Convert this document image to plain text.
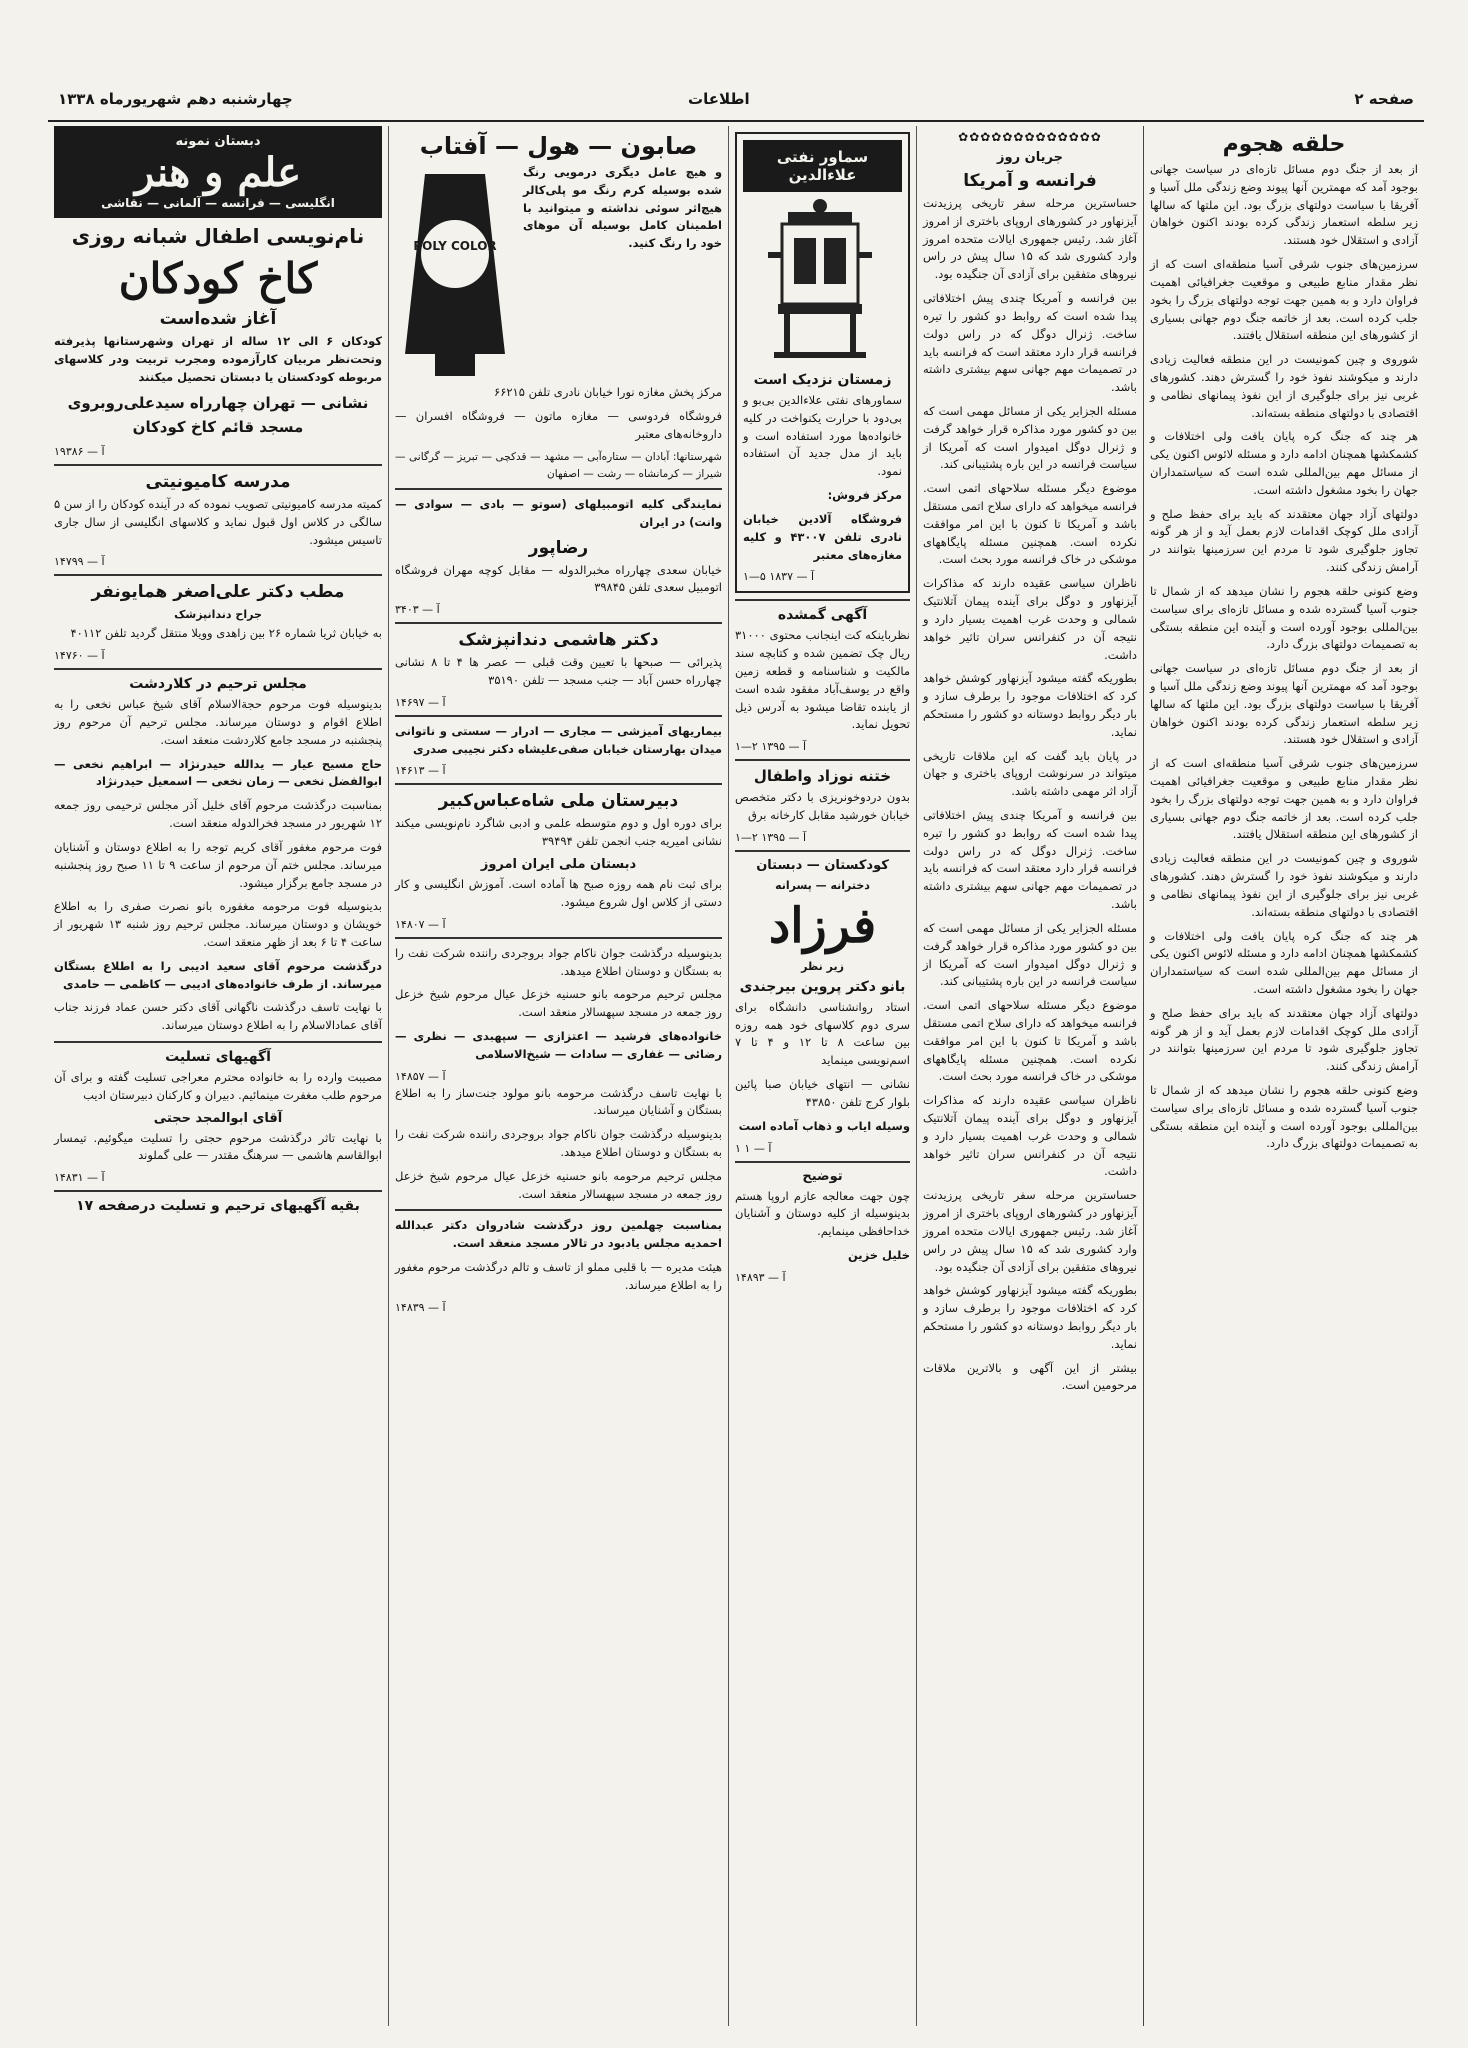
چهارشنبه دهم شهریورماه ۱۳۳۸	اطلاعات	صفحه ۲
حلقه هجوم

از بعد از جنگ دوم مسائل تازه‌ای در سیاست جهانی بوجود آمد که مهمترین آنها پیوند وضع زندگی ملل آسیا و آفریقا با سیاست دولتهای بزرگ بود. این ملتها که سالها زیر سلطه استعمار زندگی کرده بودند اکنون خواهان آزادی و استقلال خود هستند.

سرزمین‌های جنوب شرقی آسیا منطقه‌ای است که از نظر مقدار منابع طبیعی و موقعیت جغرافیائی اهمیت فراوان دارد و به همین جهت توجه دولتهای بزرگ را بخود جلب کرده است. بعد از خاتمه جنگ دوم جهانی بسیاری از کشورهای این منطقه استقلال یافتند.

شوروی و چین کمونیست در این منطقه فعالیت زیادی دارند و میکوشند نفوذ خود را گسترش دهند. کشورهای غربی نیز برای جلوگیری از این نفوذ پیمانهای نظامی و اقتصادی با دولتهای منطقه بسته‌اند.

هر چند که جنگ کره پایان یافت ولی اختلافات و کشمکشها همچنان ادامه دارد و مسئله لائوس اکنون یکی از مسائل مهم بین‌المللی شده است که سیاستمداران جهان را بخود مشغول داشته است.

دولتهای آزاد جهان معتقدند که باید برای حفظ صلح و آزادی ملل کوچک اقدامات لازم بعمل آید و از هر گونه تجاوز جلوگیری شود تا مردم این سرزمینها بتوانند در آرامش زندگی کنند.

وضع کنونی حلقه هجوم را نشان میدهد که از شمال تا جنوب آسیا گسترده شده و مسائل تازه‌ای برای سیاست بین‌المللی بوجود آورده است و آینده این منطقه بستگی به تصمیمات دولتهای بزرگ دارد.

از بعد از جنگ دوم مسائل تازه‌ای در سیاست جهانی بوجود آمد که مهمترین آنها پیوند وضع زندگی ملل آسیا و آفریقا با سیاست دولتهای بزرگ بود. این ملتها که سالها زیر سلطه استعمار زندگی کرده بودند اکنون خواهان آزادی و استقلال خود هستند.

سرزمین‌های جنوب شرقی آسیا منطقه‌ای است که از نظر مقدار منابع طبیعی و موقعیت جغرافیائی اهمیت فراوان دارد و به همین جهت توجه دولتهای بزرگ را بخود جلب کرده است. بعد از خاتمه جنگ دوم جهانی بسیاری از کشورهای این منطقه استقلال یافتند.

شوروی و چین کمونیست در این منطقه فعالیت زیادی دارند و میکوشند نفوذ خود را گسترش دهند. کشورهای غربی نیز برای جلوگیری از این نفوذ پیمانهای نظامی و اقتصادی با دولتهای منطقه بسته‌اند.

هر چند که جنگ کره پایان یافت ولی اختلافات و کشمکشها همچنان ادامه دارد و مسئله لائوس اکنون یکی از مسائل مهم بین‌المللی شده است که سیاستمداران جهان را بخود مشغول داشته است.

دولتهای آزاد جهان معتقدند که باید برای حفظ صلح و آزادی ملل کوچک اقدامات لازم بعمل آید و از هر گونه تجاوز جلوگیری شود تا مردم این سرزمینها بتوانند در آرامش زندگی کنند.

وضع کنونی حلقه هجوم را نشان میدهد که از شمال تا جنوب آسیا گسترده شده و مسائل تازه‌ای برای سیاست بین‌المللی بوجود آورده است و آینده این منطقه بستگی به تصمیمات دولتهای بزرگ دارد.

✿✿✿✿✿✿✿✿✿✿✿✿✿
جریان روز
فرانسه و آمریکا

حساسترین مرحله سفر تاریخی پرزیدنت آیزنهاور در کشورهای اروپای باختری از امروز آغاز شد. رئیس جمهوری ایالات متحده امروز وارد کشوری شد که ۱۵ سال پیش در راس نیروهای متفقین برای آزادی آن جنگیده بود.

بین فرانسه و آمریکا چندی پیش اختلافاتی پیدا شده است که روابط دو کشور را تیره ساخت. ژنرال دوگل که در راس دولت فرانسه قرار دارد معتقد است که فرانسه باید در تصمیمات مهم جهانی سهم بیشتری داشته باشد.

مسئله الجزایر یکی از مسائل مهمی است که بین دو کشور مورد مذاکره قرار خواهد گرفت و ژنرال دوگل امیدوار است که آمریکا از سیاست فرانسه در این باره پشتیبانی کند.

موضوع دیگر مسئله سلاحهای اتمی است. فرانسه میخواهد که دارای سلاح اتمی مستقل باشد و آمریکا تا کنون با این امر موافقت نکرده است. همچنین مسئله پایگاههای موشکی در خاک فرانسه مورد بحث است.

ناظران سیاسی عقیده دارند که مذاکرات آیزنهاور و دوگل برای آینده پیمان آتلانتیک شمالی و وحدت غرب اهمیت بسیار دارد و نتیجه آن در کنفرانس سران تاثیر خواهد داشت.

بطوریکه گفته میشود آیزنهاور کوشش خواهد کرد که اختلافات موجود را برطرف سازد و بار دیگر روابط دوستانه دو کشور را مستحکم نماید.

در پایان باید گفت که این ملاقات تاریخی میتواند در سرنوشت اروپای باختری و جهان آزاد اثر مهمی داشته باشد.

بین فرانسه و آمریکا چندی پیش اختلافاتی پیدا شده است که روابط دو کشور را تیره ساخت. ژنرال دوگل که در راس دولت فرانسه قرار دارد معتقد است که فرانسه باید در تصمیمات مهم جهانی سهم بیشتری داشته باشد.

مسئله الجزایر یکی از مسائل مهمی است که بین دو کشور مورد مذاکره قرار خواهد گرفت و ژنرال دوگل امیدوار است که آمریکا از سیاست فرانسه در این باره پشتیبانی کند.

موضوع دیگر مسئله سلاحهای اتمی است. فرانسه میخواهد که دارای سلاح اتمی مستقل باشد و آمریکا تا کنون با این امر موافقت نکرده است. همچنین مسئله پایگاههای موشکی در خاک فرانسه مورد بحث است.

ناظران سیاسی عقیده دارند که مذاکرات آیزنهاور و دوگل برای آینده پیمان آتلانتیک شمالی و وحدت غرب اهمیت بسیار دارد و نتیجه آن در کنفرانس سران تاثیر خواهد داشت.

حساسترین مرحله سفر تاریخی پرزیدنت آیزنهاور در کشورهای اروپای باختری از امروز آغاز شد. رئیس جمهوری ایالات متحده امروز وارد کشوری شد که ۱۵ سال پیش در راس نیروهای متفقین برای آزادی آن جنگیده بود.

بطوریکه گفته میشود آیزنهاور کوشش خواهد کرد که اختلافات موجود را برطرف سازد و بار دیگر روابط دوستانه دو کشور را مستحکم نماید.

بیشتر از این آگهی و بالاترین ملاقات مرحومین است.

سماور نفتی علاءالدین
زمستان نزدیک است

سماورهای نفتی علاءالدین بی‌بو و بی‌دود با حرارت یکنواخت در کلیه خانواده‌ها مورد استفاده است و باید از مدل جدید آن استفاده نمود.

مرکز فروش:

فروشگاه آلادین خیابان نادری تلفن ۴۳۰۰۷ و کلیه مغازه‌های معتبر

آ — ۱۸۳۷ ۵—۱
آگهی گمشده

نظرباینکه کت اینجانب محتوی ۳۱۰۰۰ ریال چک تضمین شده و کتابچه سند مالکیت و شناسنامه و قطعه زمین واقع در یوسف‌آباد مفقود شده است از یابنده تقاضا میشود به آدرس ذیل تحویل نماید.

آ — ۱۳۹۵ ۲—۱
ختنه نوزاد واطفال

بدون دردوخونریزی با دکتر متخصص خیابان خورشید مقابل کارخانه برق

آ — ۱۳۹۵ ۲—۱
کودکستان — دبستان
دخترانه — پسرانه
فرزاد
زیر نظر
بانو دکتر پروین بیرجندی

استاد روانشناسی دانشگاه برای سری دوم کلاسهای خود همه روزه بین ساعت ۸ تا ۱۲ و ۴ تا ۷ اسم‌نویسی مینماید

نشانی — انتهای خیابان صبا پائین بلوار کرج تلفن ۴۳۸۵۰

وسیله ایاب و ذهاب آماده است

آ — ۱ ۱
توضیح

چون جهت معالجه عازم اروپا هستم بدینوسیله از کلیه دوستان و آشنایان خداحافظی مینمایم.

خلیل خزین

آ — ۱۴۸۹۳
صابون — هول — آفتاب

و هیچ عامل دیگری درمویی رنگ شده بوسیله کرم‌ رنگ مو پلی‌کالر هیچ‌اثر سوئی نداشته و میتوانید با اطمینان کامل بوسیله آن موهای خود را رنگ کنید.

POLY COLOR

مرکز پخش مغازه نورا خیابان نادری تلفن ۶۶۲۱۵

فروشگاه فردوسی — مغازه ماتون — فروشگاه افسران — داروخانه‌های معتبر

شهرستانها: آبادان — ستاره‌آبی — مشهد — قدکچی — تبریز — گرگانی — شیراز — کرمانشاه — رشت — اصفهان

نمایندگی کلیه اتومبیلهای (سوتو — بادی — سوادی — وانت) در ایران

رضاپور

خیابان سعدی چهارراه مخبرالدوله — مقابل کوچه مهران فروشگاه اتومبیل سعدی تلفن ۳۹۸۴۵

آ — ۳۴۰۳
دکتر هاشمی دندانپزشک

پذیرائی — صبحها با تعیین وقت قبلی — عصر ها ۴ تا ۸ نشانی چهارراه حسن آباد — جنب مسجد — تلفن ۳۵۱۹۰

آ — ۱۴۶۹۷

بیماریهای آمیزشی — مجاری — ادرار — سستی و ناتوانی میدان بهارستان خیابان صفی‌علیشاه دکتر نجیبی صدری

آ — ۱۴۶۱۳
دبیرستان ملی شاه‌عباس‌کبیر

برای دوره اول و دوم متوسطه علمی و ادبی شاگرد نام‌نویسی میکند نشانی امیریه جنب انجمن تلفن ۳۹۴۹۴

دبستان ملی ایران امروز

برای ثبت نام همه روزه صبح ها آماده است. آموزش انگلیسی و کار دستی از کلاس اول شروع میشود.

آ — ۱۴۸۰۷

بدینوسیله درگذشت جوان ناکام جواد بروجردی راننده شرکت نفت را به بستگان و دوستان اطلاع میدهد.

مجلس ترحیم مرحومه بانو حسنیه خزعل عیال مرحوم شیخ خزعل روز جمعه در مسجد سپهسالار منعقد است.

خانواده‌های فرشید — اعتزازی — سپهبدی — نظری — رضائی — غفاری — سادات — شیخ‌الاسلامی

آ — ۱۴۸۵۷

با نهایت تاسف درگذشت مرحومه بانو مولود جنت‌ساز را به اطلاع بستگان و آشنایان میرساند.

بدینوسیله درگذشت جوان ناکام جواد بروجردی راننده شرکت نفت را به بستگان و دوستان اطلاع میدهد.

مجلس ترحیم مرحومه بانو حسنیه خزعل عیال مرحوم شیخ خزعل روز جمعه در مسجد سپهسالار منعقد است.

بمناسبت چهلمین روز درگذشت شادروان دکتر عبدالله احمدیه مجلس یادبود در تالار مسجد منعقد است.

هیئت مدیره — با قلبی مملو از تاسف و تالم درگذشت مرحوم مغفور را به اطلاع میرساند.

آ — ۱۴۸۳۹
دبستان نمونه
علم و هنر
انگلیسی — فرانسه — آلمانی — نقاشی
نام‌نویسی اطفال شبانه روزی
کاخ کودکان
آغاز شده‌است

کودکان ۶ الی ۱۲ ساله از تهران وشهرستانها پذیرفته وتحت‌نظر مربیان کارآزموده ومجرب تربیت ودر کلاسهای مربوطه کودکستان یا دبستان تحصیل میکنند

نشانی — تهران چهارراه سیدعلی‌روبروی مسجد قائم کاخ کودکان

آ — ۱۹۳۸۶
مدرسه کامیونیتی

کمیته مدرسه کامیونیتی تصویب نموده که در آینده کودکان را از سن ۵ سالگی در کلاس اول قبول نماید و کلاسهای انگلیسی از سال جاری تاسیس میشود.

آ — ۱۴۷۹۹
مطب دکتر علی‌اصغر همایونفر
جراح دندانپزشک

به خیابان ثریا شماره ۲۶ بین زاهدی وویلا منتقل گردید تلفن ۴۰۱۱۲

آ — ۱۴۷۶۰
مجلس ترحیم در کلاردشت

بدینوسیله فوت مرحوم حجةالاسلام آقای شیخ عباس نخعی را به اطلاع اقوام و دوستان میرساند. مجلس ترحیم آن مرحوم روز پنجشنبه در مسجد جامع کلاردشت منعقد است.

حاج مسیح عیار — یدالله حیدرنژاد — ابراهیم نخعی — ابوالفضل نخعی — زمان نخعی — اسمعیل حیدرنژاد

بمناسبت درگذشت مرحوم آقای خلیل آذر مجلس ترحیمی روز جمعه ۱۲ شهریور در مسجد فخرالدوله منعقد است.

فوت مرحوم مغفور آقای کریم توجه را به اطلاع دوستان و آشنایان میرساند. مجلس ختم آن مرحوم از ساعت ۹ تا ۱۱ صبح روز پنجشنبه در مسجد جامع برگزار میشود.

بدینوسیله فوت مرحومه مغفوره بانو نصرت صفری را به اطلاع خویشان و دوستان میرساند. مجلس ترحیم روز شنبه ۱۳ شهریور از ساعت ۴ تا ۶ بعد از ظهر منعقد است.

درگذشت مرحوم آقای سعید ادیبی را به اطلاع بستگان میرساند. از طرف خانواده‌های ادیبی — کاظمی — حامدی

با نهایت تاسف درگذشت ناگهانی آقای دکتر حسن عماد فرزند جناب آقای عمادالاسلام را به اطلاع دوستان میرساند.

آگهیهای تسلیت

مصیبت وارده را به خانواده محترم معراجی تسلیت گفته و برای آن مرحوم طلب مغفرت مینمائیم. دبیران و کارکنان دبیرستان ادیب

آقای ابوالمجد حجتی

با نهایت تاثر درگذشت مرحوم حجتی را تسلیت میگوئیم. تیمسار ابوالقاسم هاشمی — سرهنگ مقتدر — علی گملوند

آ — ۱۴۸۳۱
بقیه آگهیهای ترحیم و تسلیت درصفحه ۱۷
